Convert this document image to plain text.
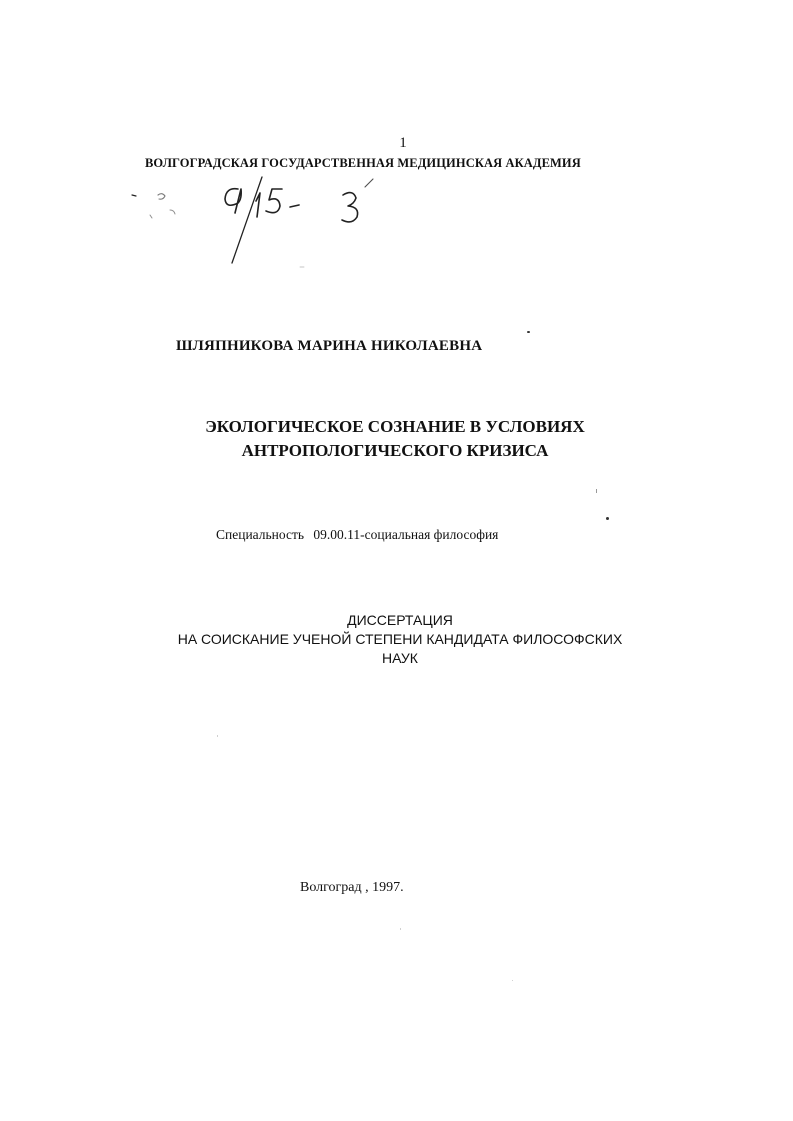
1
ВОЛГОГРАДСКАЯ ГОСУДАРСТВЕННАЯ МЕДИЦИНСКАЯ АКАДЕМИЯ
ШЛЯПНИКОВА МАРИНА НИКОЛАЕВНА
ЭКОЛОГИЧЕСКОЕ СОЗНАНИЕ В УСЛОВИЯХ
АНТРОПОЛОГИЧЕСКОГО КРИЗИСА
Специальность 09.00.11-социальная философия
ДИССЕРТАЦИЯ
НА СОИСКАНИЕ УЧЕНОЙ СТЕПЕНИ КАНДИДАТА ФИЛОСОФСКИХ
НАУК
Волгоград , 1997.
